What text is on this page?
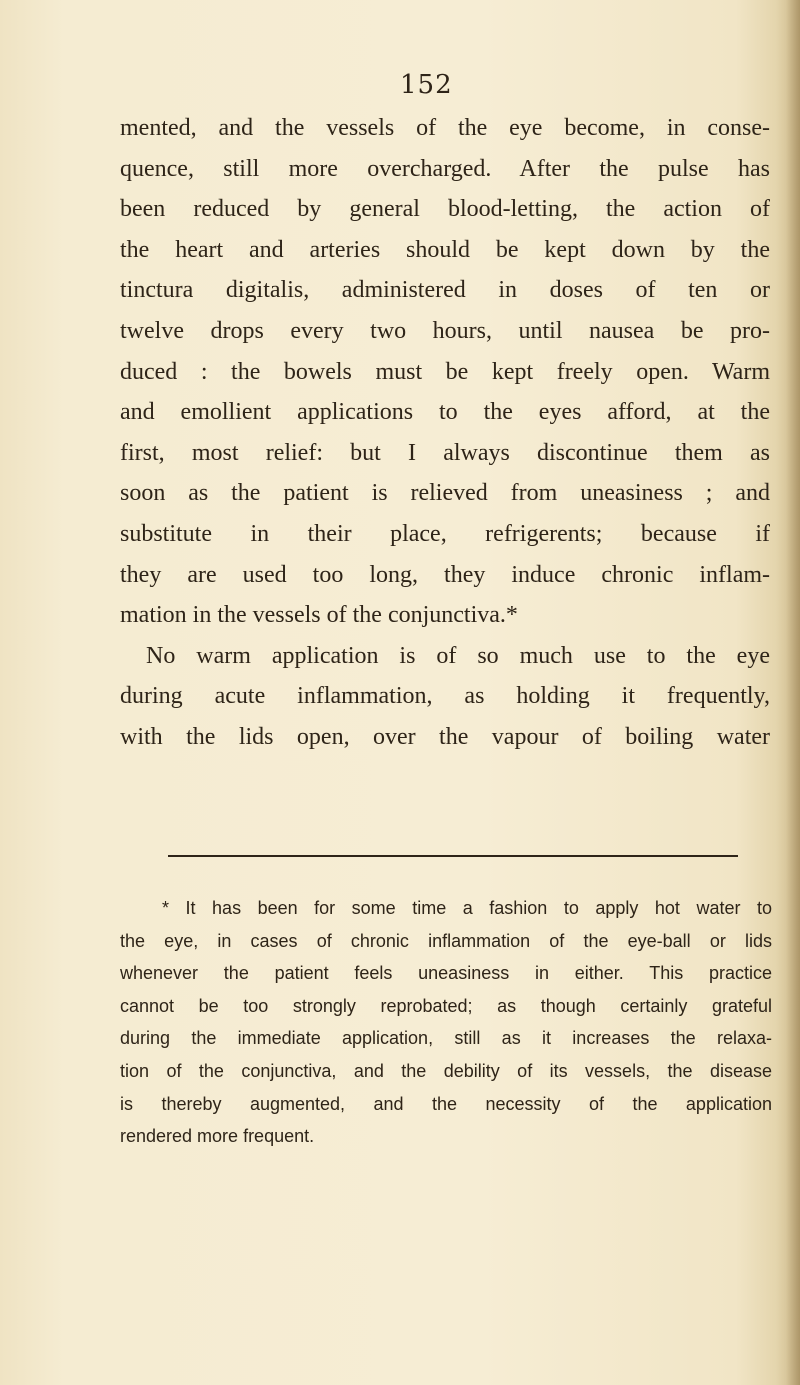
152
mented, and the vessels of the eye become, in conse-
quence, still more overcharged. After the pulse has
been reduced by general blood-letting, the action of
the heart and arteries should be kept down by the
tinctura digitalis, administered in doses of ten or
twelve drops every two hours, until nausea be pro-
duced : the bowels must be kept freely open. Warm
and emollient applications to the eyes afford, at the
first, most relief: but I always discontinue them as
soon as the patient is relieved from uneasiness ; and
substitute in their place, refrigerents; because if
they are used too long, they induce chronic inflam-
mation in the vessels of the conjunctiva.*
No warm application is of so much use to the eye
during acute inflammation, as holding it frequently,
with the lids open, over the vapour of boiling water
* It has been for some time a fashion to apply hot water to
the eye, in cases of chronic inflammation of the eye-ball or lids
whenever the patient feels uneasiness in either. This practice
cannot be too strongly reprobated; as though certainly grateful
during the immediate application, still as it increases the relaxa-
tion of the conjunctiva, and the debility of its vessels, the disease
is thereby augmented, and the necessity of the application
rendered more frequent.
